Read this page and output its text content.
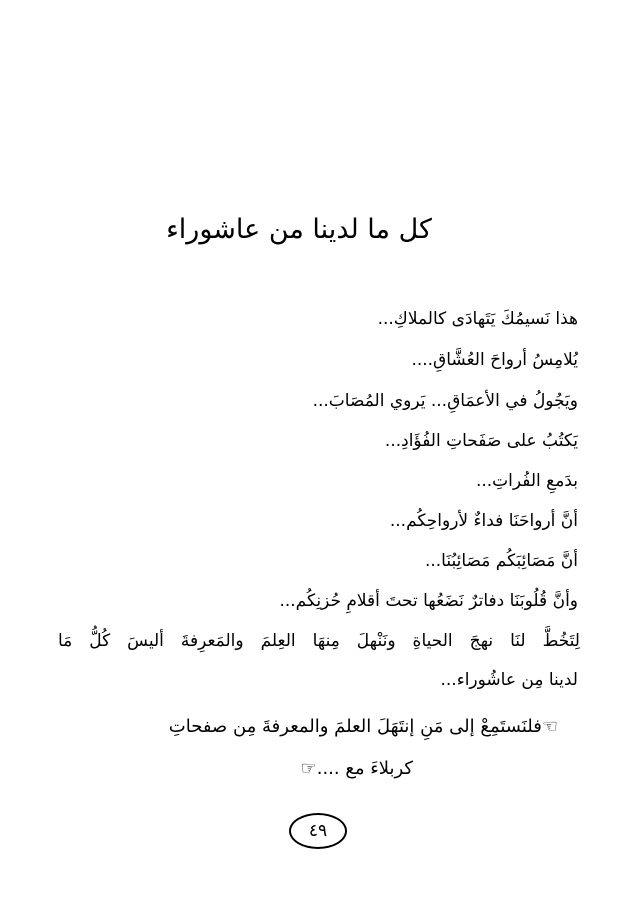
كل ما لدينا من عاشوراء
هذا نَسيمُكَ يَتَهادَى كالملاكِ...
يُلامِسُ أرواحَ العُشَّاقِ....
ويَجُولُ في الأعمَاقِ... يَروي المُصَابَ...
يَكتُبُ على صَفَحاتِ الفُؤَادِ...
بدَمعِ الفُراتِ...
أنَّ أرواحَنَا فداءٌ لأرواحِكُم...
أنَّ مَصَائِبَكُم مَصَائِبُنَا...
وأنَّ قُلُوبَنَا دفاترٌ نَضَعُها تحتَ أقلامِ حُزنِكُم...
لِتَخُطَّ لنَا نهجَ الحياةِ ونَنْهلَ مِنهَا العِلمَ والمَعرِفةَ أليسَ كُلُّ مَا
لدينا مِن عاشُوراء...
☜فلنَستَمِعْ إلى مَنِ إنتَهَلَ العلمَ والمعرفةَ مِن صفحاتِ
كربلاءَ مع ....☞
٤٩
